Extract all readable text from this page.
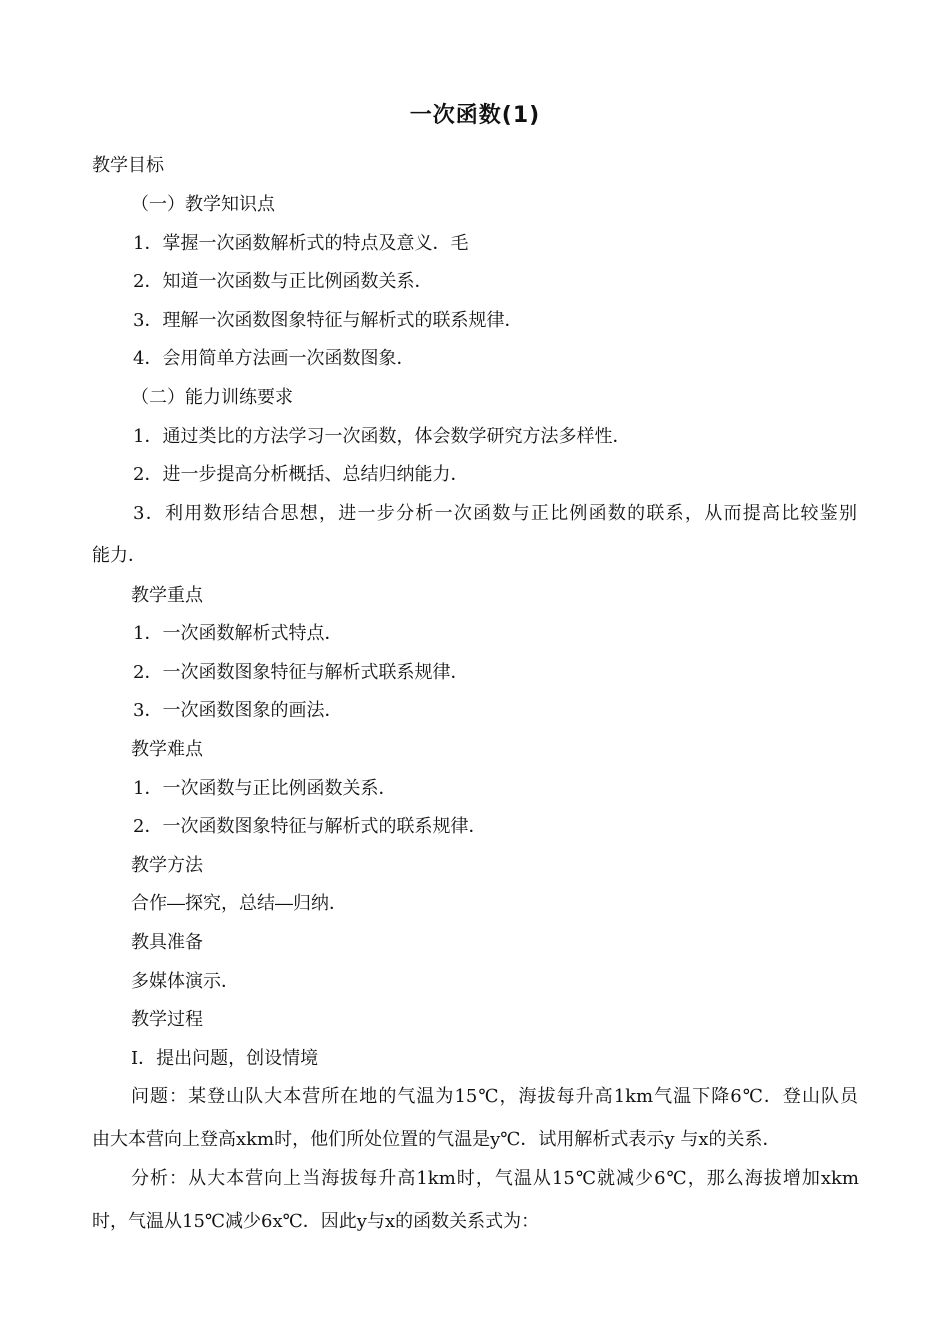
一次函数(1)
教学目标
（一）教学知识点
1．掌握一次函数解析式的特点及意义．毛
2．知道一次函数与正比例函数关系．
3．理解一次函数图象特征与解析式的联系规律．
4．会用简单方法画一次函数图象．
（二）能力训练要求
1．通过类比的方法学习一次函数，体会数学研究方法多样性．
2．进一步提高分析概括、总结归纳能力．
3．利用数形结合思想，进一步分析一次函数与正比例函数的联系，从而提高比较鉴别
能力．
教学重点
1．一次函数解析式特点．
2．一次函数图象特征与解析式联系规律．
3．一次函数图象的画法．
教学难点
1．一次函数与正比例函数关系．
2．一次函数图象特征与解析式的联系规律．
教学方法
合作―探究，总结―归纳．
教具准备
多媒体演示．
教学过程
Ⅰ．提出问题，创设情境
问题：某登山队大本营所在地的气温为15℃，海拔每升高1km气温下降6℃．登山队员
由大本营向上登高xkm时，他们所处位置的气温是y℃．试用解析式表示y 与x的关系．
分析：从大本营向上当海拔每升高1km时，气温从15℃就减少6℃，那么海拔增加xkm
时，气温从15℃减少6x℃．因此y与x的函数关系式为：
